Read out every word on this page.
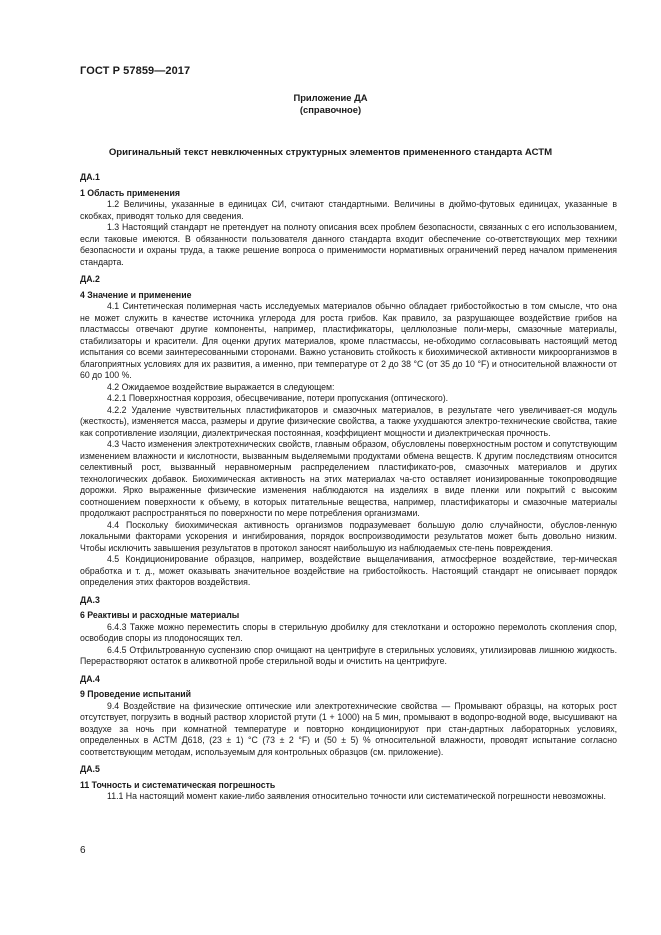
ГОСТ Р 57859—2017
Приложение ДА
(справочное)
Оригинальный текст невключенных структурных элементов примененного стандарта АСТМ
ДА.1
1 Область применения

1.2 Величины, указанные в единицах СИ, считают стандартными. Величины в дюймо-футовых единицах, указанные в скобках, приводят только для сведения.

1.3 Настоящий стандарт не претендует на полноту описания всех проблем безопасности, связанных с его использованием, если таковые имеются. В обязанности пользователя данного стандарта входит обеспечение со-ответствующих мер техники безопасности и охраны труда, а также решение вопроса о применимости нормативных ограничений перед началом применения стандарта.

ДА.2
4 Значение и применение

4.1 Синтетическая полимерная часть исследуемых материалов обычно обладает грибостойкостью в том смысле, что она не может служить в качестве источника углерода для роста грибов. Как правило, за разрушающее воздействие грибов на пластмассы отвечают другие компоненты, например, пластификаторы, целлюлозные поли-меры, смазочные материалы, стабилизаторы и красители. Для оценки других материалов, кроме пластмассы, не-обходимо согласовывать настоящий метод испытания со всеми заинтересованными сторонами. Важно установить стойкость к биохимической активности микроорганизмов в благоприятных условиях для их развития, а именно, при температуре от 2 до 38 °С (от 35 до 10 °F) и относительной влажности от 60 до 100 %.

4.2 Ожидаемое воздействие выражается в следующем:

4.2.1 Поверхностная коррозия, обесцвечивание, потери пропускания (оптического).

4.2.2 Удаление чувствительных пластификаторов и смазочных материалов, в результате чего увеличивает-ся модуль (жесткость), изменяется масса, размеры и другие физические свойства, а также ухудшаются электро-технические свойства, такие как сопротивление изоляции, диэлектрическая постоянная, коэффициент мощности и диэлектрическая прочность.

4.3 Часто изменения электротехнических свойств, главным образом, обусловлены поверхностным ростом и сопутствующим изменением влажности и кислотности, вызванным выделяемыми продуктами обмена веществ. К другим последствиям относится селективный рост, вызванный неравномерным распределением пластификато-ров, смазочных материалов и других технологических добавок. Биохимическая активность на этих материалах ча-сто оставляет ионизированные токопроводящие дорожки. Ярко выраженные физические изменения наблюдаются на изделиях в виде пленки или покрытий с высоким соотношением поверхности к объему, в которых питательные вещества, например, пластификаторы и смазочные материалы продолжают распространяться по поверхности по мере потребления организмами.

4.4 Поскольку биохимическая активность организмов подразумевает большую долю случайности, обуслов-ленную локальными факторами ускорения и ингибирования, порядок воспроизводимости результатов может быть довольно низким. Чтобы исключить завышения результатов в протокол заносят наибольшую из наблюдаемых сте-пень повреждения.

4.5 Кондиционирование образцов, например, воздействие выщелачивания, атмосферное воздействие, тер-мическая обработка и т. д., может оказывать значительное воздействие на грибостойкость. Настоящий стандарт не описывает порядок определения этих факторов воздействия.

ДА.3
6 Реактивы и расходные материалы

6.4.3 Также можно переместить споры в стерильную дробилку для стеклоткани и осторожно перемолоть скопления спор, освободив споры из плодоносящих тел.

6.4.5 Отфильтрованную суспензию спор очищают на центрифуге в стерильных условиях, утилизировав лишнюю жидкость. Перерастворяют остаток в аликвотной пробе стерильной воды и очистить на центрифуге.

ДА.4
9 Проведение испытаний

9.4 Воздействие на физические оптические или электротехнические свойства — Промывают образцы, на которых рост отсутствует, погрузить в водный раствор хлористой ртути (1 + 1000) на 5 мин, промывают в водопро-водной воде, высушивают на воздухе за ночь при комнатной температуре и повторно кондиционируют при стан-дартных лабораторных условиях, определенных в АСТМ Д618, (23 ± 1) °С (73 ± 2 °F) и (50 ± 5) % относительной влажности, проводят испытание согласно соответствующим методам, используемым для контрольных образцов (см. приложение).

ДА.5
11 Точность и систематическая погрешность

11.1 На настоящий момент какие-либо заявления относительно точности или систематической погрешности невозможны.

6
